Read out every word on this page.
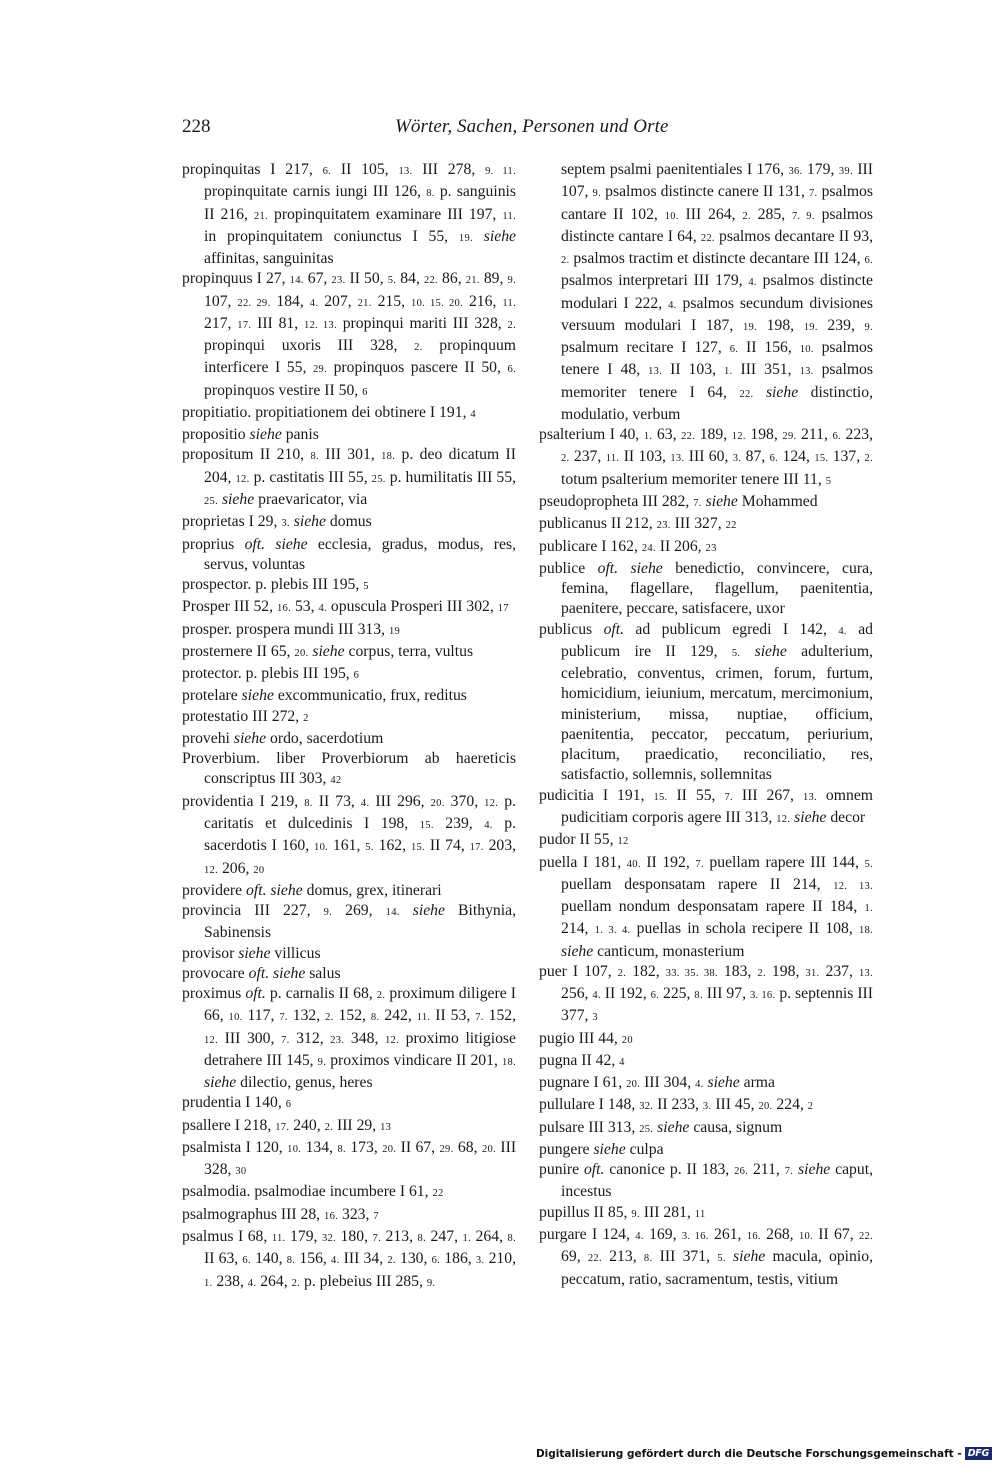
228	Wörter, Sachen, Personen und Orte

propinquitas I 217, 6. II 105, 13. III 278, 9. 11. propinquitate carnis iungi III 126, 8. p. sanguinis II 216, 21. propinquitatem examinare III 197, 11. in propinquitatem coniunctus I 55, 19. siehe affinitas, sanguinitas

propinquus I 27, 14. 67, 23. II 50, 5. 84, 22. 86, 21. 89, 9. 107, 22. 29. 184, 4. 207, 21. 215, 10. 15. 20. 216, 11. 217, 17. III 81, 12. 13. propinqui mariti III 328, 2. propinqui uxoris III 328, 2. propinquum interficere I 55, 29. propinquos pascere II 50, 6. propinquos vestire II 50, 6

propitiatio. propitiationem dei obtinere I 191, 4

propositio siehe panis

propositum II 210, 8. III 301, 18. p. deo dicatum II 204, 12. p. castitatis III 55, 25. p. humilitatis III 55, 25. siehe praevaricator, via

proprietas I 29, 3. siehe domus

proprius oft. siehe ecclesia, gradus, modus, res, servus, voluntas

prospector. p. plebis III 195, 5

Prosper III 52, 16. 53, 4. opuscula Prosperi III 302, 17

prosper. prospera mundi III 313, 19

prosternere II 65, 20. siehe corpus, terra, vultus

protector. p. plebis III 195, 6

protelare siehe excommunicatio, frux, reditus

protestatio III 272, 2

provehi siehe ordo, sacerdotium

Proverbium. liber Proverbiorum ab haereticis conscriptus III 303, 42

providentia I 219, 8. II 73, 4. III 296, 20. 370, 12. p. caritatis et dulcedinis I 198, 15. 239, 4. p. sacerdotis I 160, 10. 161, 5. 162, 15. II 74, 17. 203, 12. 206, 20

providere oft. siehe domus, grex, itinerari

provincia III 227, 9. 269, 14. siehe Bithynia, Sabinensis

provisor siehe villicus

provocare oft. siehe salus

proximus oft. p. carnalis II 68, 2. proximum diligere I 66, 10. 117, 7. 132, 2. 152, 8. 242, 11. II 53, 7. 152, 12. III 300, 7. 312, 23. 348, 12. proximo litigiose detrahere III 145, 9. proximos vindicare II 201, 18. siehe dilectio, genus, heres

prudentia I 140, 6

psallere I 218, 17. 240, 2. III 29, 13

psalmista I 120, 10. 134, 8. 173, 20. II 67, 29. 68, 20. III 328, 30

psalmodia. psalmodiae incumbere I 61, 22

psalmographus III 28, 16. 323, 7

psalmus I 68, 11. 179, 32. 180, 7. 213, 8. 247, 1. 264, 8. II 63, 6. 140, 8. 156, 4. III 34, 2. 130, 6. 186, 3. 210, 1. 238, 4. 264, 2. p. plebeius III 285, 9.

septem psalmi paenitentiales I 176, 36. 179, 39. III 107, 9. psalmos distincte canere II 131, 7. psalmos cantare II 102, 10. III 264, 2. 285, 7. 9. psalmos distincte cantare I 64, 22. psalmos decantare II 93, 2. psalmos tractim et distincte decantare III 124, 6. psalmos interpretari III 179, 4. psalmos distincte modulari I 222, 4. psalmos secundum divisiones versuum modulari I 187, 19. 198, 19. 239, 9. psalmum recitare I 127, 6. II 156, 10. psalmos tenere I 48, 13. II 103, 1. III 351, 13. psalmos memoriter tenere I 64, 22. siehe distinctio, modulatio, verbum

psalterium I 40, 1. 63, 22. 189, 12. 198, 29. 211, 6. 223, 2. 237, 11. II 103, 13. III 60, 3. 87, 6. 124, 15. 137, 2. totum psalterium memoriter tenere III 11, 5

pseudopropheta III 282, 7. siehe Mohammed

publicanus II 212, 23. III 327, 22

publicare I 162, 24. II 206, 23

publice oft. siehe benedictio, convincere, cura, femina, flagellare, flagellum, paenitentia, paenitere, peccare, satisfacere, uxor

publicus oft. ad publicum egredi I 142, 4. ad publicum ire II 129, 5. siehe adulterium, celebratio, conventus, crimen, forum, furtum, homicidium, ieiunium, mercatum, mercimonium, ministerium, missa, nuptiae, officium, paenitentia, peccator, peccatum, periurium, placitum, praedicatio, reconciliatio, res, satisfactio, sollemnis, sollemnitas

pudicitia I 191, 15. II 55, 7. III 267, 13. omnem pudicitiam corporis agere III 313, 12. siehe decor

pudor II 55, 12

puella I 181, 40. II 192, 7. puellam rapere III 144, 5. puellam desponsatam rapere II 214, 12. 13. puellam nondum desponsatam rapere II 184, 1. 214, 1. 3. 4. puellas in schola recipere II 108, 18. siehe canticum, monasterium

puer I 107, 2. 182, 33. 35. 38. 183, 2. 198, 31. 237, 13. 256, 4. II 192, 6. 225, 8. III 97, 3. 16. p. septennis III 377, 3

pugio III 44, 20

pugna II 42, 4

pugnare I 61, 20. III 304, 4. siehe arma

pullulare I 148, 32. II 233, 3. III 45, 20. 224, 2

pulsare III 313, 25. siehe causa, signum

pungere siehe culpa

punire oft. canonice p. II 183, 26. 211, 7. siehe caput, incestus

pupillus II 85, 9. III 281, 11

purgare I 124, 4. 169, 3. 16. 261, 16. 268, 10. II 67, 22. 69, 22. 213, 8. III 371, 5. siehe macula, opinio, peccatum, ratio, sacramentum, testis, vitium

Digitalisierung gefördert durch die Deutsche Forschungsgemeinschaft - DFG
